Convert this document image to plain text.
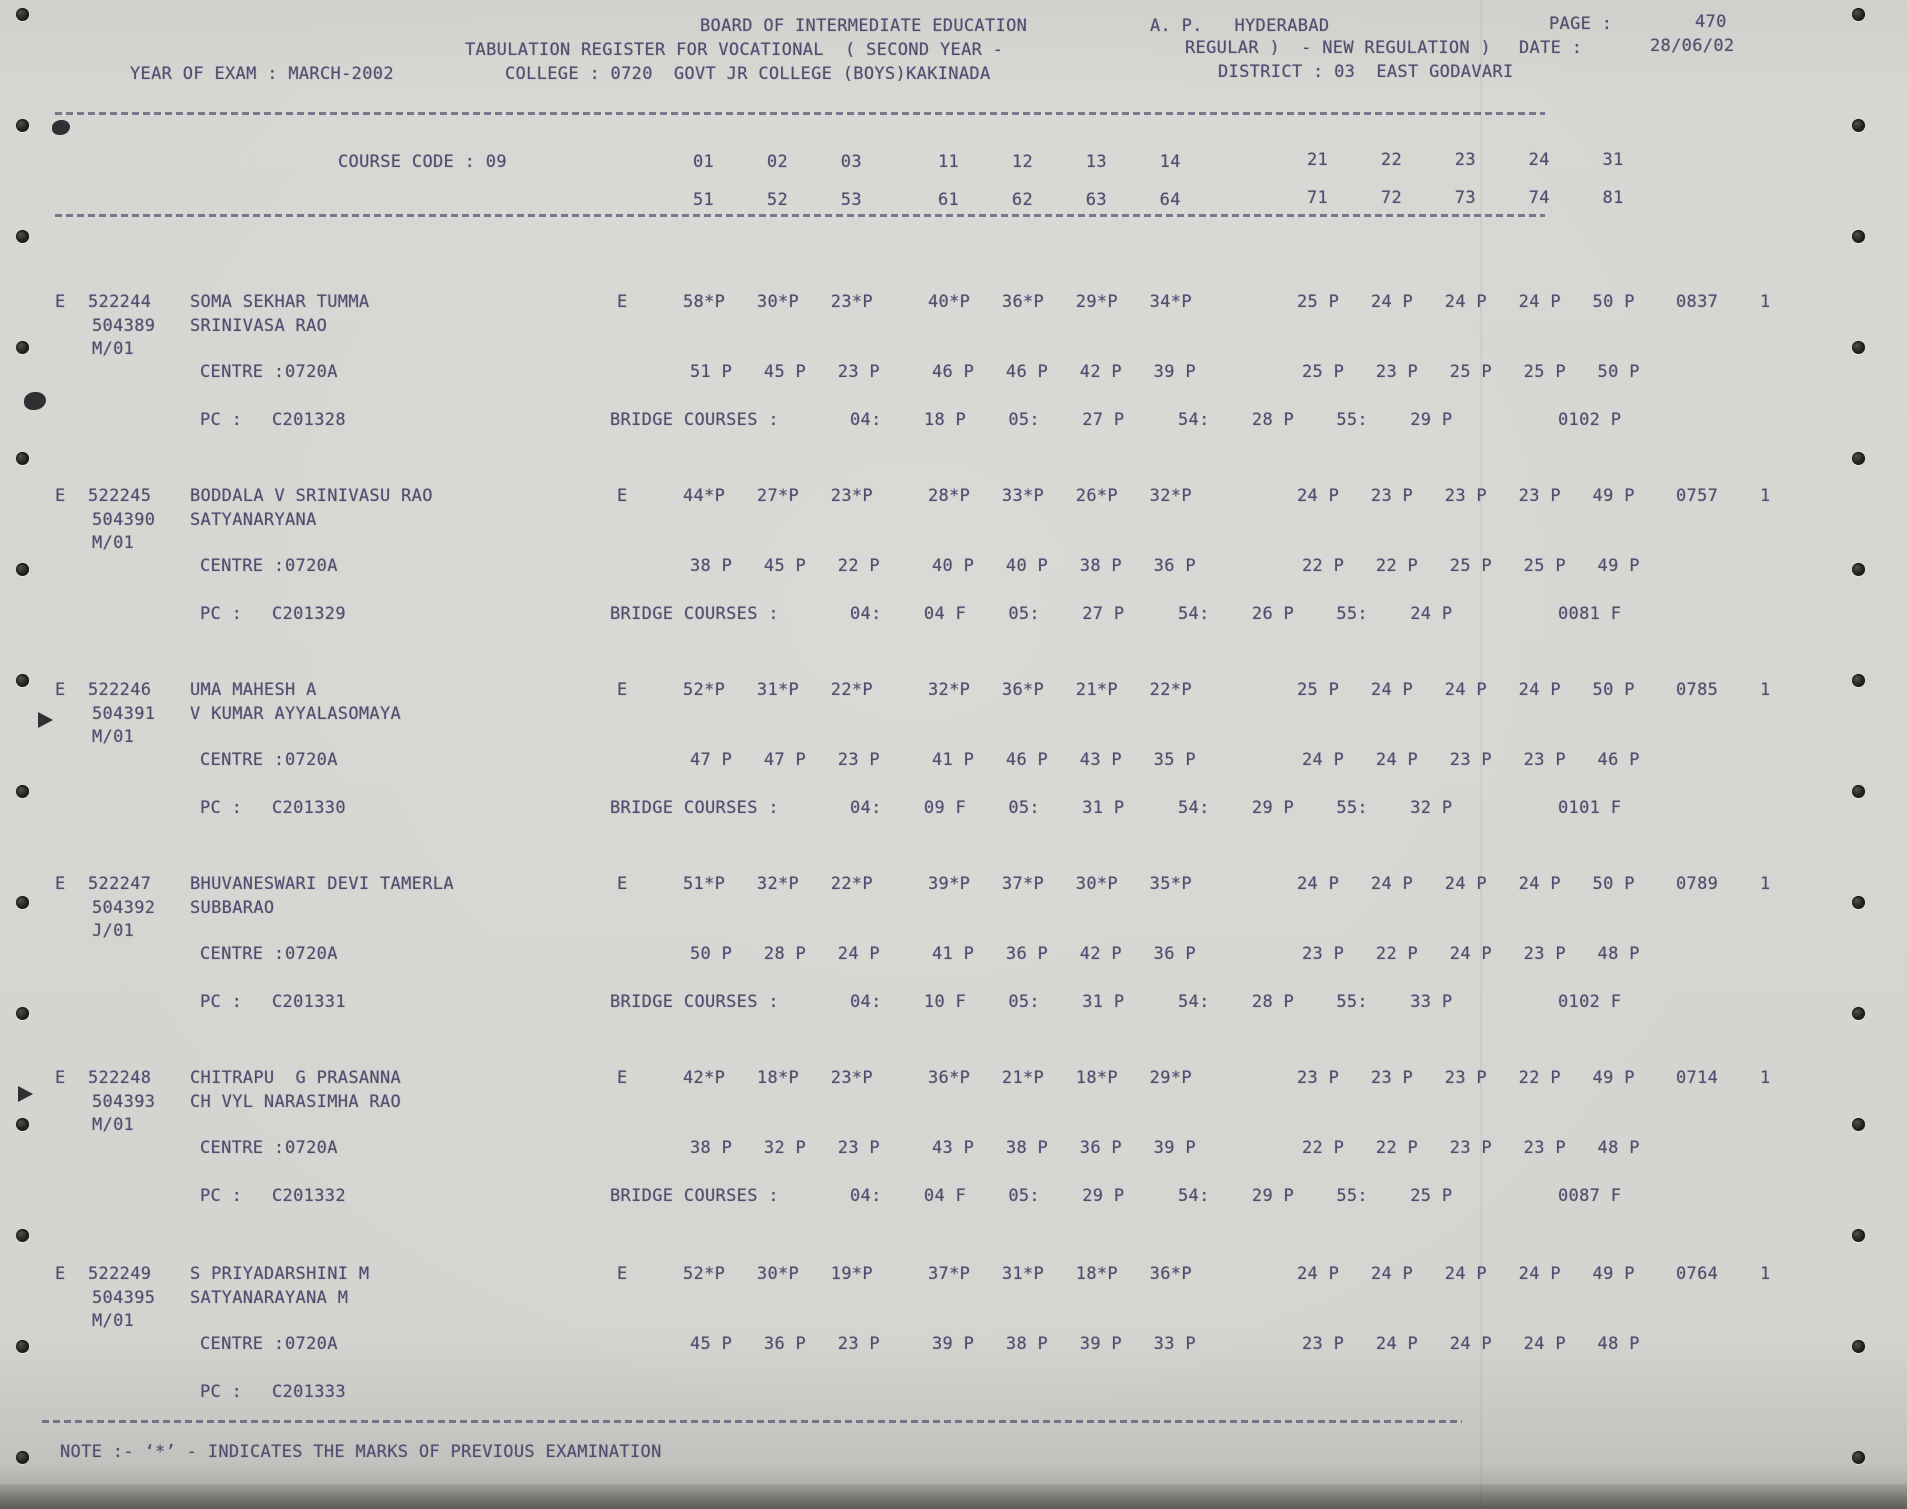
BOARD OF INTERMEDIATE EDUCATION	A. P.   HYDERABAD	PAGE :	470
TABULATION REGISTER FOR VOCATIONAL  ( SECOND YEAR -	REGULAR )  - NEW REGULATION ) DATE :	28/06/02
YEAR OF EXAM : MARCH-2002	COLLEGE : 0720  GOVT JR COLLEGE (BOYS)KAKINADA	DISTRICT : 03  EAST GODAVARI
COURSE CODE : 09	01     02     03	11     12     13     14	21     22     23     24     31
51     52     53	61     62     63     64	71     72     73     74     81
E 522244 SOMA SEKHAR TUMMA	E	58*P   30*P   23*P	40*P   36*P   29*P   34*P	25 P   24 P   24 P   24 P   50 P 0837 1
504389 SRINIVASA RAO
M/01
CENTRE : 0720A	51 P   45 P   23 P	46 P   46 P   42 P   39 P	25 P   23 P   25 P   25 P   50 P
PC : C201328	BRIDGE COURSES :	04:    18 P    05:    27 P	54:    28 P    55:    29 P	0102 P
E 522245 BODDALA V SRINIVASU RAO	E	44*P   27*P   23*P	28*P   33*P   26*P   32*P	24 P   23 P   23 P   23 P   49 P 0757 1
504390 SATYANARYANA
M/01
CENTRE : 0720A	38 P   45 P   22 P	40 P   40 P   38 P   36 P	22 P   22 P   25 P   25 P   49 P
PC : C201329	BRIDGE COURSES :	04:    04 F    05:    27 P	54:    26 P    55:    24 P	0081 F
E 522246 UMA MAHESH A	E	52*P   31*P   22*P	32*P   36*P   21*P   22*P	25 P   24 P   24 P   24 P   50 P 0785 1
504391 V KUMAR AYYALASOMAYA
M/01
CENTRE : 0720A	47 P   47 P   23 P	41 P   46 P   43 P   35 P	24 P   24 P   23 P   23 P   46 P
PC : C201330	BRIDGE COURSES :	04:    09 F    05:    31 P	54:    29 P    55:    32 P	0101 F
E 522247 BHUVANESWARI DEVI TAMERLA	E	51*P   32*P   22*P	39*P   37*P   30*P   35*P	24 P   24 P   24 P   24 P   50 P 0789 1
504392 SUBBARAO
J/01
CENTRE : 0720A	50 P   28 P   24 P	41 P   36 P   42 P   36 P	23 P   22 P   24 P   23 P   48 P
PC : C201331	BRIDGE COURSES :	04:    10 F    05:    31 P	54:    28 P    55:    33 P	0102 F
E 522248 CHITRAPU  G PRASANNA	E	42*P   18*P   23*P	36*P   21*P   18*P   29*P	23 P   23 P   23 P   22 P   49 P 0714 1
504393 CH VYL NARASIMHA RAO
M/01
CENTRE : 0720A	38 P   32 P   23 P	43 P   38 P   36 P   39 P	22 P   22 P   23 P   23 P   48 P
PC : C201332	BRIDGE COURSES :	04:    04 F    05:    29 P	54:    29 P    55:    25 P	0087 F
E 522249 S PRIYADARSHINI M	E	52*P   30*P   19*P	37*P   31*P   18*P   36*P	24 P   24 P   24 P   24 P   49 P 0764 1
504395 SATYANARAYANA M
M/01
CENTRE : 0720A	45 P   36 P   23 P	39 P   38 P   39 P   33 P	23 P   24 P   24 P   24 P   48 P
PC : C201333
NOTE :- ‘*’ - INDICATES THE MARKS OF PREVIOUS EXAMINATION
